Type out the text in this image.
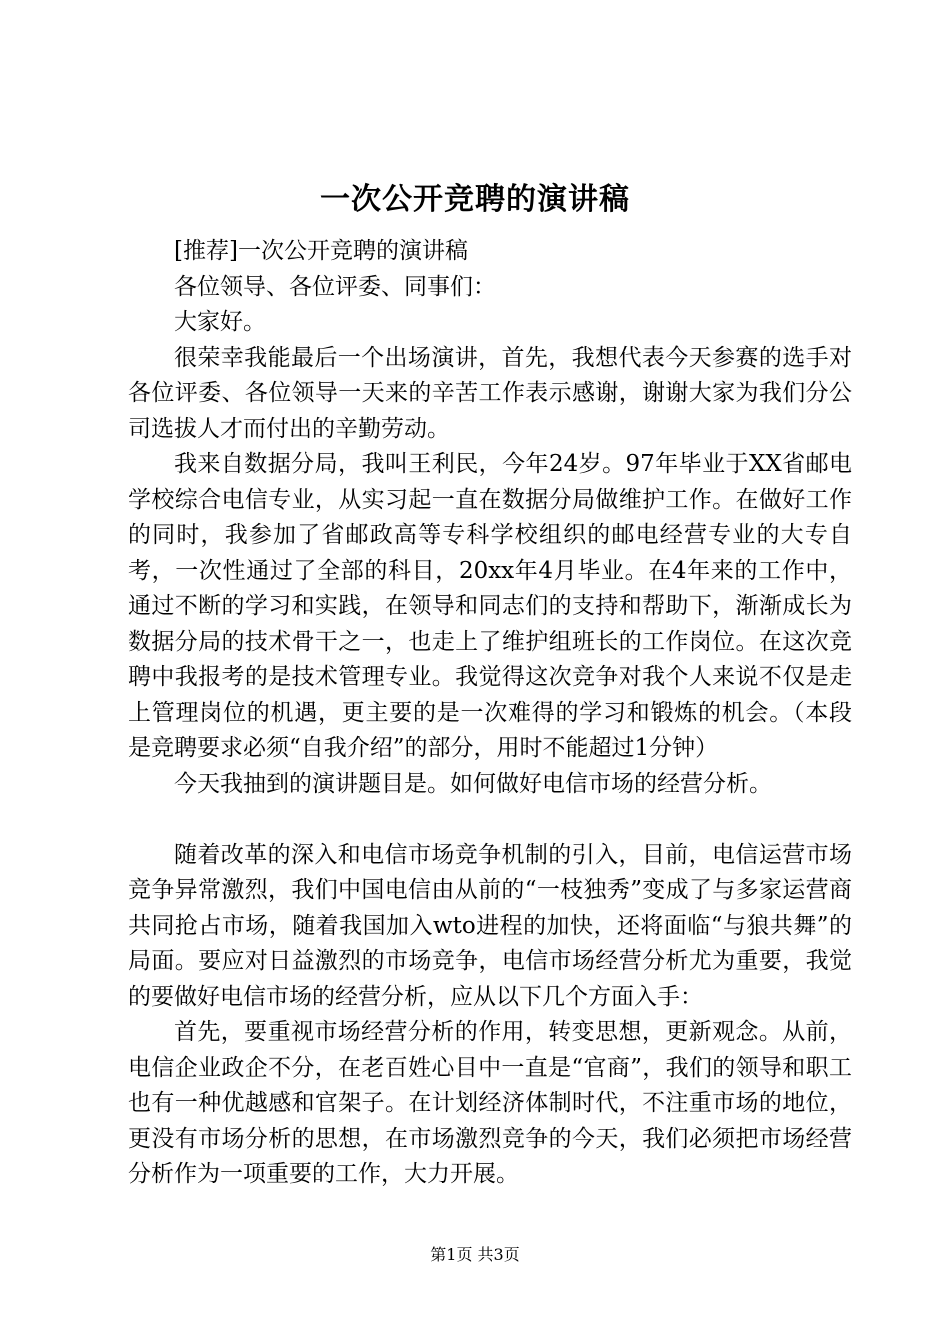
一次公开竞聘的演讲稿

[推荐]一次公开竞聘的演讲稿

各位领导、各位评委、同事们：

大家好。

很荣幸我能最后一个出场演讲，首先，我想代表今天参赛的选手对各位评委、各位领导一天来的辛苦工作表示感谢，谢谢大家为我们分公司选拔人才而付出的辛勤劳动。

我来自数据分局，我叫王利民，今年24岁。97年毕业于XX省邮电学校综合电信专业，从实习起一直在数据分局做维护工作。在做好工作的同时，我参加了省邮政高等专科学校组织的邮电经营专业的大专自考，一次性通过了全部的科目，20xx年4月毕业。在4年来的工作中，通过不断的学习和实践，在领导和同志们的支持和帮助下，渐渐成长为数据分局的技术骨干之一，也走上了维护组班长的工作岗位。在这次竞聘中我报考的是技术管理专业。我觉得这次竞争对我个人来说不仅是走上管理岗位的机遇，更主要的是一次难得的学习和锻炼的机会。（本段是竞聘要求必须“自我介绍”的部分，用时不能超过1分钟）

今天我抽到的演讲题目是。如何做好电信市场的经营分析。

随着改革的深入和电信市场竞争机制的引入，目前，电信运营市场竞争异常激烈，我们中国电信由从前的“一枝独秀”变成了与多家运营商共同抢占市场，随着我国加入wto进程的加快，还将面临“与狼共舞”的局面。要应对日益激烈的市场竞争，电信市场经营分析尤为重要，我觉的要做好电信市场的经营分析，应从以下几个方面入手：

首先，要重视市场经营分析的作用，转变思想，更新观念。从前，电信企业政企不分，在老百姓心目中一直是“官商”，我们的领导和职工也有一种优越感和官架子。在计划经济体制时代，不注重市场的地位，更没有市场分析的思想，在市场激烈竞争的今天，我们必须把市场经营分析作为一项重要的工作，大力开展。

第1页 共3页
